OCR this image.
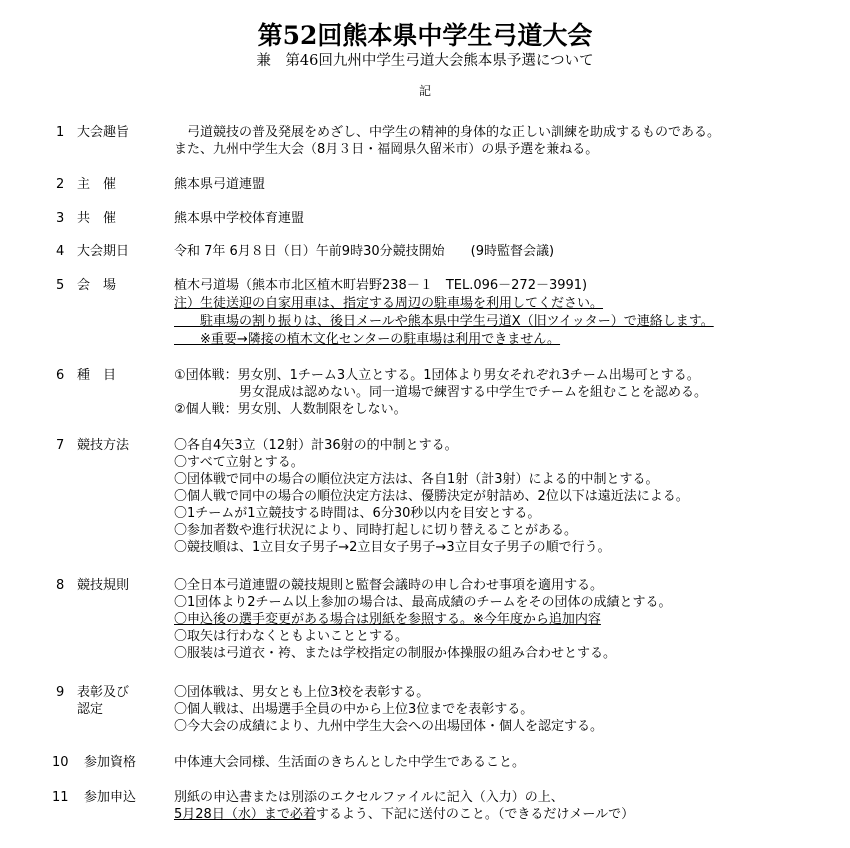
第52回熊本県中学生弓道大会
兼　第46回九州中学生弓道大会熊本県予選について
記
1 大会趣旨	　弓道競技の普及発展をめざし、中学生の精神的身体的な正しい訓練を助成するものである。
また、九州中学生大会（8月３日・福岡県久留米市）の県予選を兼ねる。
2 主　催	熊本県弓道連盟
3 共　催	熊本県中学校体育連盟
4 大会期日	令和 7年 6月８日（日）午前9時30分競技開始　　(9時監督会議)
5 会　場	植木弓道場（熊本市北区植木町岩野238－１　TEL.096－272－3991)
注）生徒送迎の自家用車は、指定する周辺の駐車場を利用してください。
　　駐車場の割り振りは、後日メールや熊本県中学生弓道X（旧ツイッター）で連絡します。
　　※重要→隣接の植木文化センターの駐車場は利用できません。
6 種　目	①団体戦：男女別、1チーム3人立とする。1団体より男女それぞれ3チーム出場可とする。
　　　　　男女混成は認めない。同一道場で練習する中学生でチームを組むことを認める。
②個人戦：男女別、人数制限をしない。
7 競技方法	〇各自4矢3立（12射）計36射の的中制とする。
〇すべて立射とする。
〇団体戦で同中の場合の順位決定方法は、各自1射（計3射）による的中制とする。
〇個人戦で同中の場合の順位決定方法は、優勝決定が射詰め、2位以下は遠近法による。
〇1チームが1立競技する時間は、6分30秒以内を目安とする。
〇参加者数や進行状況により、同時打起しに切り替えることがある。
〇競技順は、1立目女子男子→2立目女子男子→3立目女子男子の順で行う。
8 競技規則	〇全日本弓道連盟の競技規則と監督会議時の申し合わせ事項を適用する。
〇1団体より2チーム以上参加の場合は、最高成績のチームをその団体の成績とする。
〇申込後の選手変更がある場合は別紙を参照する。※今年度から追加内容
〇取矢は行わなくともよいこととする。
〇服装は弓道衣・袴、または学校指定の制服か体操服の組み合わせとする。
9 表彰及び
認定
〇団体戦は、男女とも上位3校を表彰する。
〇個人戦は、出場選手全員の中から上位3位までを表彰する。
〇今大会の成績により、九州中学生大会への出場団体・個人を認定する。
10 参加資格	中体連大会同様、生活面のきちんとした中学生であること。
11 参加申込	別紙の申込書または別添のエクセルファイルに記入（入力）の上、
5月28日（水）まで必着するよう、下記に送付のこと。（できるだけメールで）
